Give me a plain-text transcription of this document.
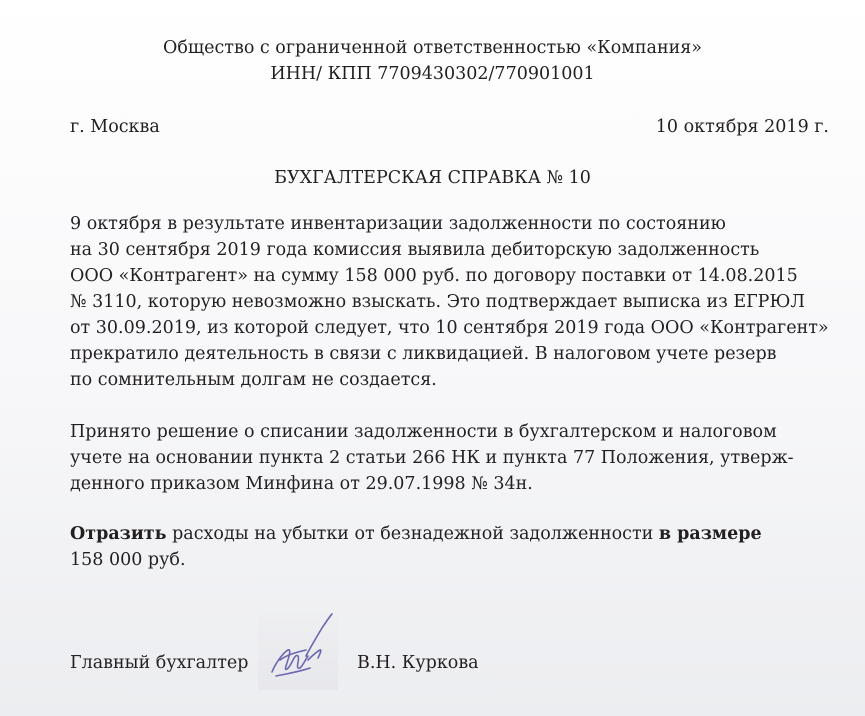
Общество с ограниченной ответственностью «Компания»
ИНН/ КПП 7709430302/770901001
г. Москва	10 октября 2019 г.
БУХГАЛТЕРСКАЯ СПРАВКА № 10
9 октября в результате инвентаризации задолженности по состоянию
на 30 сентября 2019 года комиссия выявила дебиторскую задолженность
ООО «Контрагент» на сумму 158 000 руб. по договору поставки от 14.08.2015
№ 3110, которую невозможно взыскать. Это подтверждает выписка из ЕГРЮЛ
от 30.09.2019, из которой следует, что 10 сентября 2019 года ООО «Контрагент»
прекратило деятельность в связи с ликвидацией. В налоговом учете резерв
по сомнительным долгам не создается.
Принято решение о списании задолженности в бухгалтерском и налоговом
учете на основании пункта 2 статьи 266 НК и пункта 77 Положения, утверж-
денного приказом Минфина от 29.07.1998 № 34н.
Отразить расходы на убытки от безнадежной задолженности в размере
158 000 руб.
Главный бухгалтер	В.Н. Куркова
